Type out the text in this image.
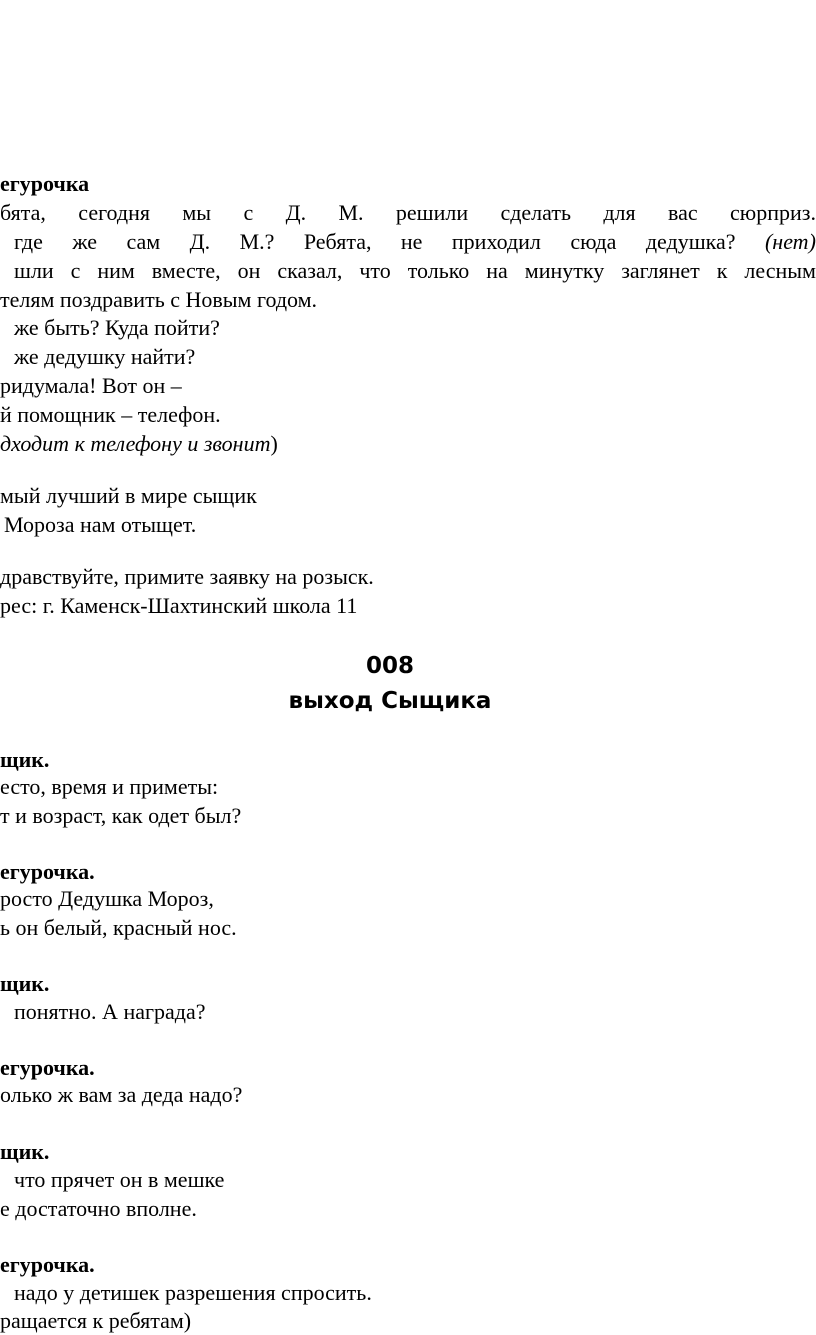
егурочка
бята, сегодня мы с Д. М. решили сделать для вас сюрприз.
где же сам Д. М.? Ребята, не приходил сюда дедушка? (нет)
шли с ним вместе, он сказал, что только на минутку заглянет к лесным
телям поздравить с Новым годом.
же быть? Куда пойти?
же дедушку найти?
ридумала! Вот он –
й помощник – телефон.
дходит к телефону и звонит)
мый лучший в мире сыщик
Мороза нам отыщет.
дравствуйте, примите заявку на розыск.
рес: г. Каменск-Шахтинский школа 11
008
выход Сыщика
щик.
есто, время и приметы:
т и возраст, как одет был?
егурочка.
росто Дедушка Мороз,
ь он белый, красный нос.
щик.
понятно. А награда?
егурочка.
олько ж вам за деда надо?
щик.
что прячет он в мешке
е достаточно вполне.
егурочка.
надо у детишек разрешения спросить.
ращается к ребятам)
